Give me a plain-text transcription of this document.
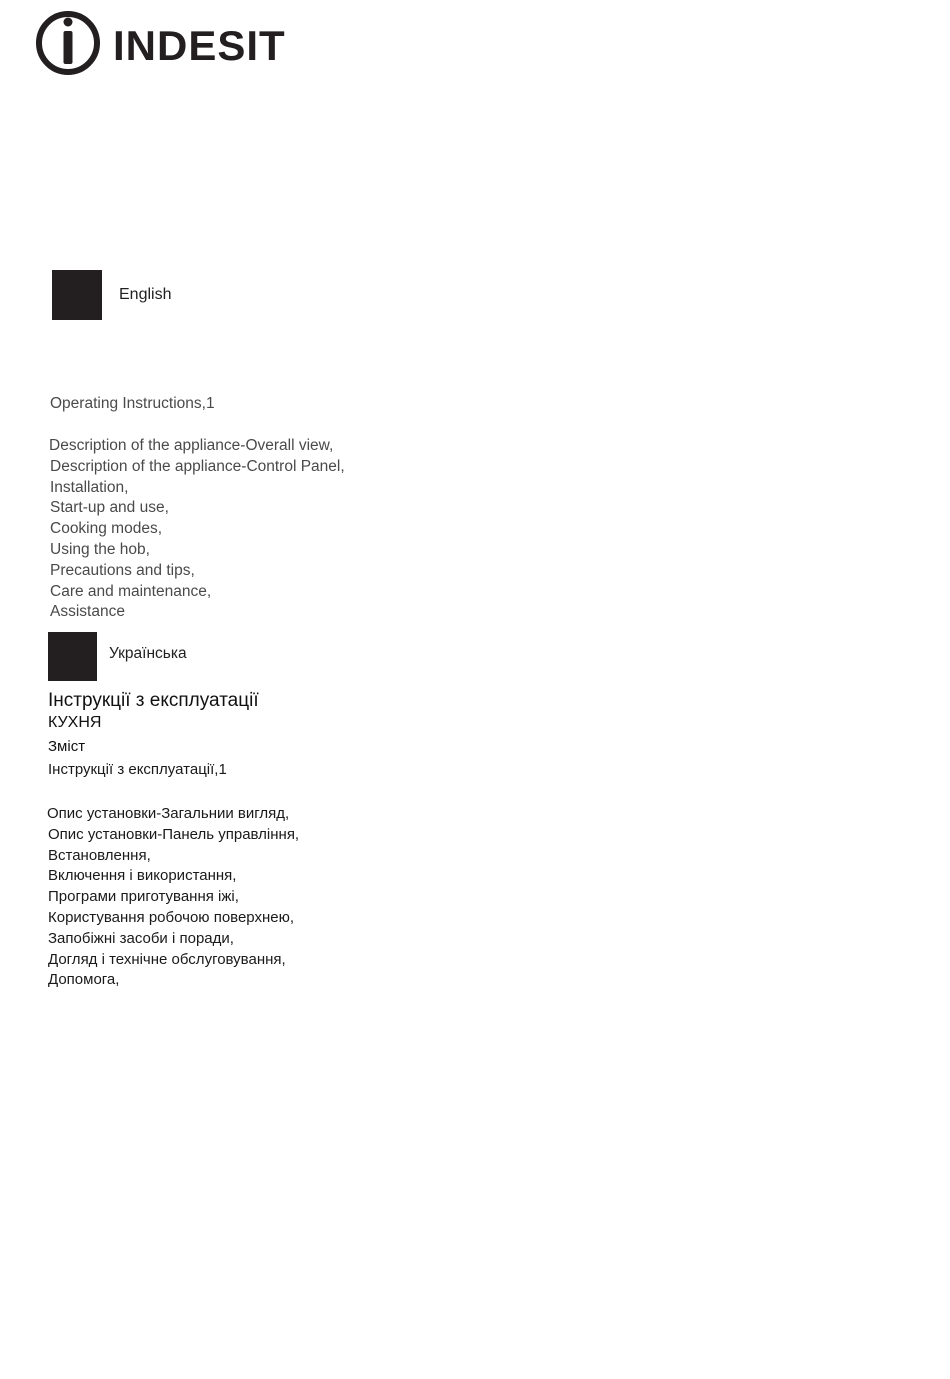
INDESIT
English
Operating Instructions,1
Description of the appliance-Overall view,
Description of the appliance-Control Panel,
Installation,
Start-up and use,
Cooking modes,
Using the hob,
Precautions and tips,
Care and maintenance,
Assistance
Українська
Інструкції з експлуатації
КУХНЯ
Зміст
Інструкції з експлуатації,1
Опис установки-Загальнии вигляд,
Опис установки-Панель управління,
Встановлення,
Включення і використання,
Програми приготування іжі,
Користування робочою поверхнею,
Запобіжні засоби і поради,
Догляд і технічне обслуговування,
Допомога,
